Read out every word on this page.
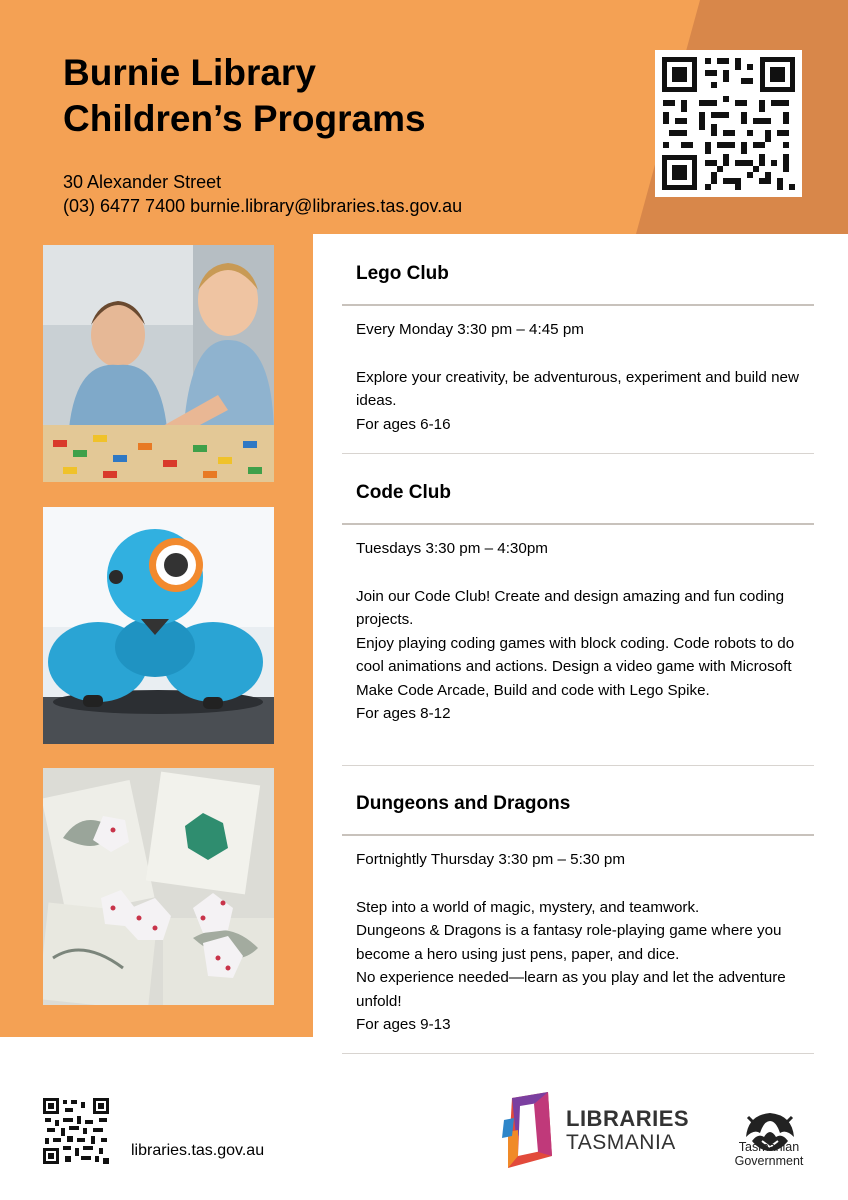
Burnie Library
Children’s Programs
30 Alexander Street
(03) 6477 7400 burnie.library@libraries.tas.gov.au
Lego Club
Every Monday 3:30 pm – 4:45 pm
Explore your creativity, be adventurous, experiment and build new ideas.
For ages 6-16
Code Club
Tuesdays 3:30 pm – 4:30pm
Join our Code Club! Create and design amazing and fun coding projects.
Enjoy playing coding games with block coding. Code robots to do cool animations and actions. Design a video game with Microsoft Make Code Arcade, Build and code with Lego Spike.
For ages 8-12
Dungeons and Dragons
Fortnightly Thursday 3:30 pm – 5:30 pm
Step into a world of magic, mystery, and teamwork.
Dungeons & Dragons is a fantasy role-playing game where you become a hero using just pens, paper, and dice.
No experience needed—learn as you play and let the adventure unfold!
For ages 9-13
libraries.tas.gov.au
LIBRARIES
TASMANIA	Tasmanian
Government
